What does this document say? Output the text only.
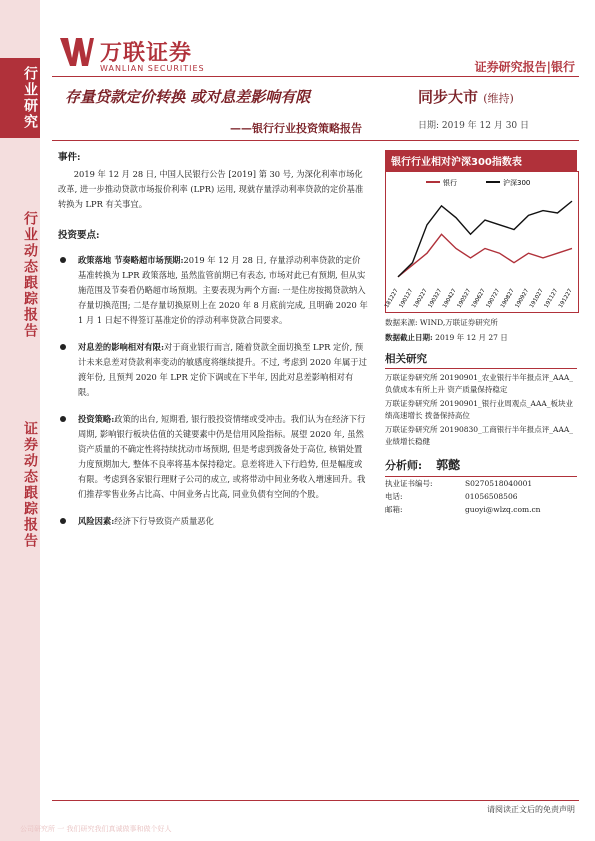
行业研究
行业动态跟踪报告
证券动态跟踪报告
万联证券
WANLIAN SECURITIES	证券研究报告|银行
存量贷款定价转换 或对息差影响有限
——银行行业投资策略报告
同步大市 (维持)
日期: 2019 年 12 月 30 日
事件:

2019 年 12 月 28 日, 中国人民银行公告 [2019] 第 30 号, 为深化利率市场化改革, 进一步推动贷款市场报价利率 (LPR) 运用, 现就存量浮动利率贷款的定价基准转换为 LPR 有关事宜。

投资要点:
政策落地 节奏略超市场预期:2019 年 12 月 28 日, 存量浮动利率贷款的定价基准转换为 LPR 政策落地, 虽然监管前期已有表态, 市场对此已有预期, 但从实施范围及节奏看仍略超市场预期。主要表现为两个方面: 一是住房按揭贷款纳入存量切换范围; 二是存量切换原则上在 2020 年 8 月底前完成, 且明确 2020 年 1 月 1 日起不得签订基准定价的浮动利率贷款合同要求。
对息差的影响相对有限:对于商业银行而言, 随着贷款全面切换至 LPR 定价, 预计未来息差对贷款利率变动的敏感度将继续提升。不过, 考虑到 2020 年属于过渡年份, 且预判 2020 年 LPR 定价下调或在下半年, 因此对息差影响相对有限。
投资策略:政策的出台, 短期看, 银行股投资情绪或受冲击。我们认为在经济下行周期, 影响银行板块估值的关键要素中仍是信用风险指标。展望 2020 年, 虽然资产质量的不确定性将持续扰动市场预期, 但是考虑到拨备处于高位, 核销处置力度预期加大, 整体不良率将基本保持稳定。息差将进入下行趋势, 但是幅度或有限。考虑到各家银行理财子公司的成立, 或将带动中间业务收入增速回升。我们推荐零售业务占比高、中间业务占比高, 同业负债有空间的个股。
风险因素:经济下行导致资产质量恶化
银行行业相对沪深300指数表
银行	沪深300
181227
190127
190227
190327
190427
190527
190627
190727
190827
190927
191027
191127
191227
数据来源: WIND,万联证券研究所
数据截止日期: 2019 年 12 月 27 日
相关研究
万联证券研究所 20190901_农业银行半年报点评_AAA_负债成本有所上升 资产质量保持稳定
万联证券研究所 20190901_银行业周观点_AAA_板块业绩高速增长 拨备保持高位
万联证券研究所 20190830_工商银行半年报点评_AAA_业绩增长稳健
分析师: 郭懿
执业证书编号:	S0270518040001
电话:	01056508506
邮箱:	guoyi@wlzq.com.cn
请阅读正文后的免责声明
公司研究所 一 我们研究我们真诚做事和做个好人
